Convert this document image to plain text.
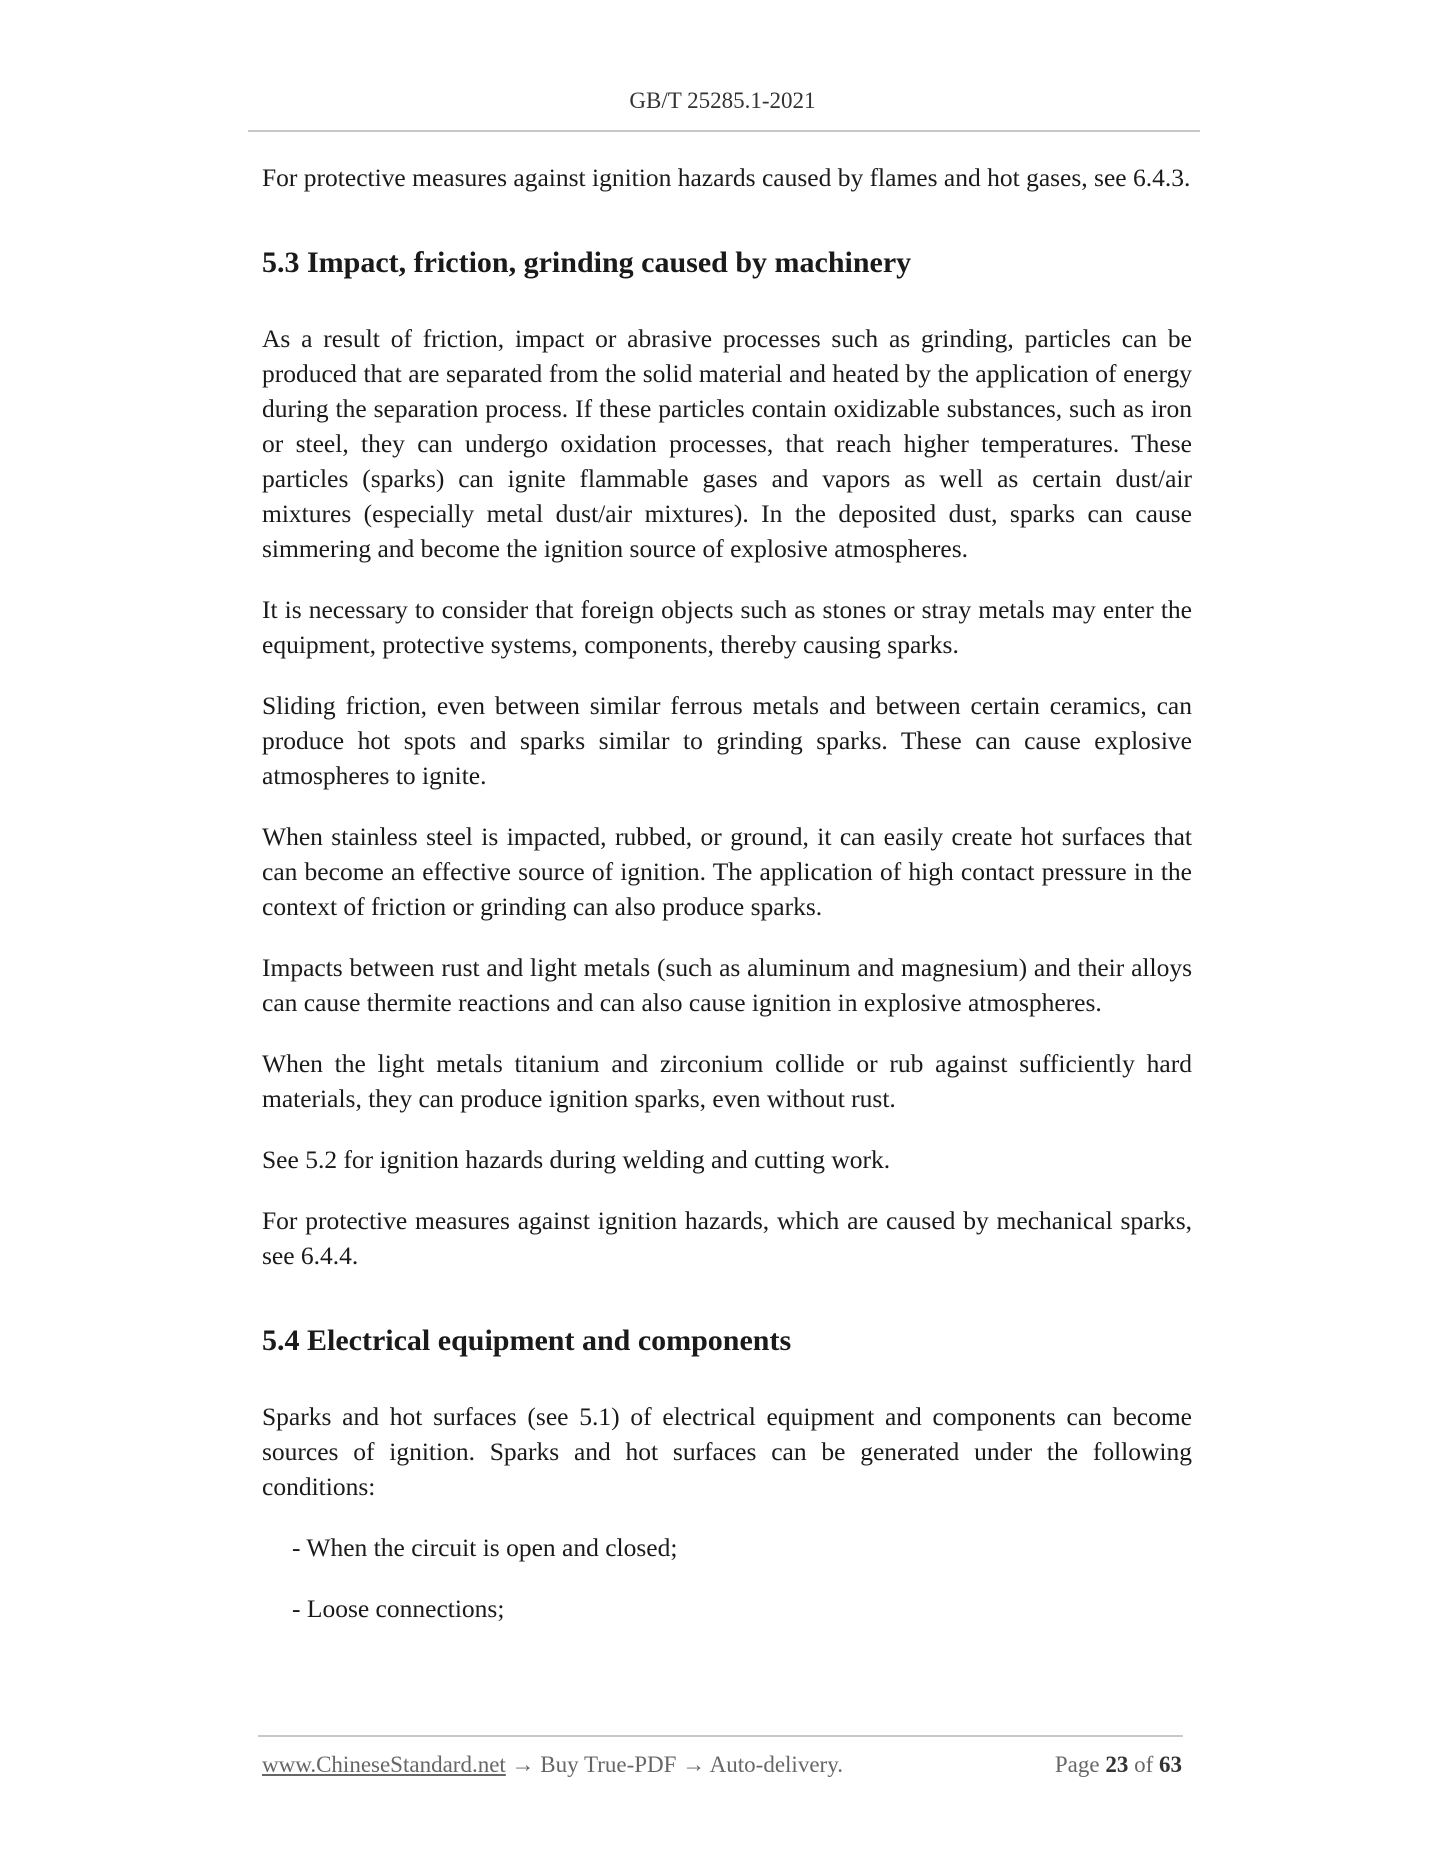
GB/T 25285.1-2021

For protective measures against ignition hazards caused by flames and hot gases, see 6.4.3.

5.3 Impact, friction, grinding caused by machinery

As a result of friction, impact or abrasive processes such as grinding, particles can be produced that are separated from the solid material and heated by the application of energy during the separation process. If these particles contain oxidizable substances, such as iron or steel, they can undergo oxidation processes, that reach higher temperatures. These particles (sparks) can ignite flammable gases and vapors as well as certain dust/air mixtures (especially metal dust/air mixtures). In the deposited dust, sparks can cause simmering and become the ignition source of explosive atmospheres.

It is necessary to consider that foreign objects such as stones or stray metals may enter the equipment, protective systems, components, thereby causing sparks.

Sliding friction, even between similar ferrous metals and between certain ceramics, can produce hot spots and sparks similar to grinding sparks. These can cause explosive atmospheres to ignite.

When stainless steel is impacted, rubbed, or ground, it can easily create hot surfaces that can become an effective source of ignition. The application of high contact pressure in the context of friction or grinding can also produce sparks.

Impacts between rust and light metals (such as aluminum and magnesium) and their alloys can cause thermite reactions and can also cause ignition in explosive atmospheres.

When the light metals titanium and zirconium collide or rub against sufficiently hard materials, they can produce ignition sparks, even without rust.

See 5.2 for ignition hazards during welding and cutting work.

For protective measures against ignition hazards, which are caused by mechanical sparks, see 6.4.4.

5.4 Electrical equipment and components

Sparks and hot surfaces (see 5.1) of electrical equipment and components can become sources of ignition. Sparks and hot surfaces can be generated under the following conditions:

- When the circuit is open and closed;

- Loose connections;

www.ChineseStandard.net → Buy True-PDF → Auto-delivery.	Page 23 of 63
